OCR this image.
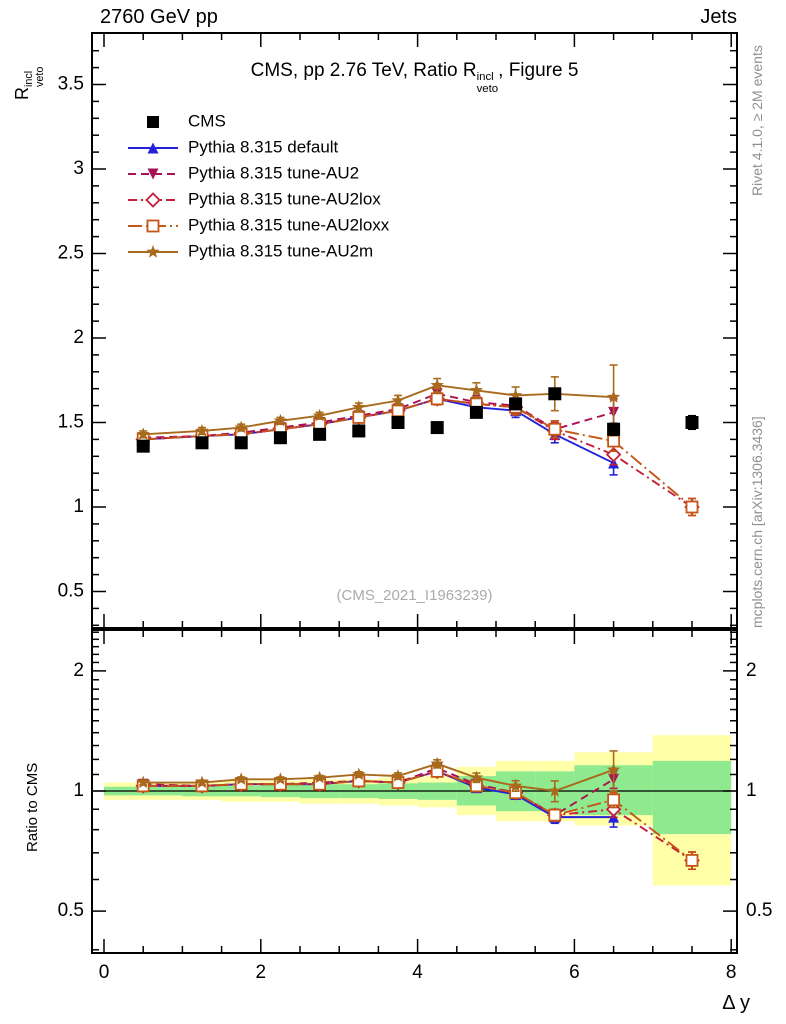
0.5
1
1.5
2
2.5
3
3.5
0.5	0.5
1	1
2	2
0	2	4	6	8
CMS
Pythia 8.315 default
Pythia 8.315 tune-AU2
Pythia 8.315 tune-AU2lox
Pythia 8.315 tune-AU2loxx
Pythia 8.315 tune-AU2m
2760 GeV pp	Jets
CMS, pp 2.76 TeV, Ratio R incl
veto
, Figure 5
R
incl veto
Ratio to CMS
Δ y
(CMS_2021_I1963239)
Rivet 4.1.0, ≥ 2M events
mcplots.cern.ch [arXiv:1306.3436]
